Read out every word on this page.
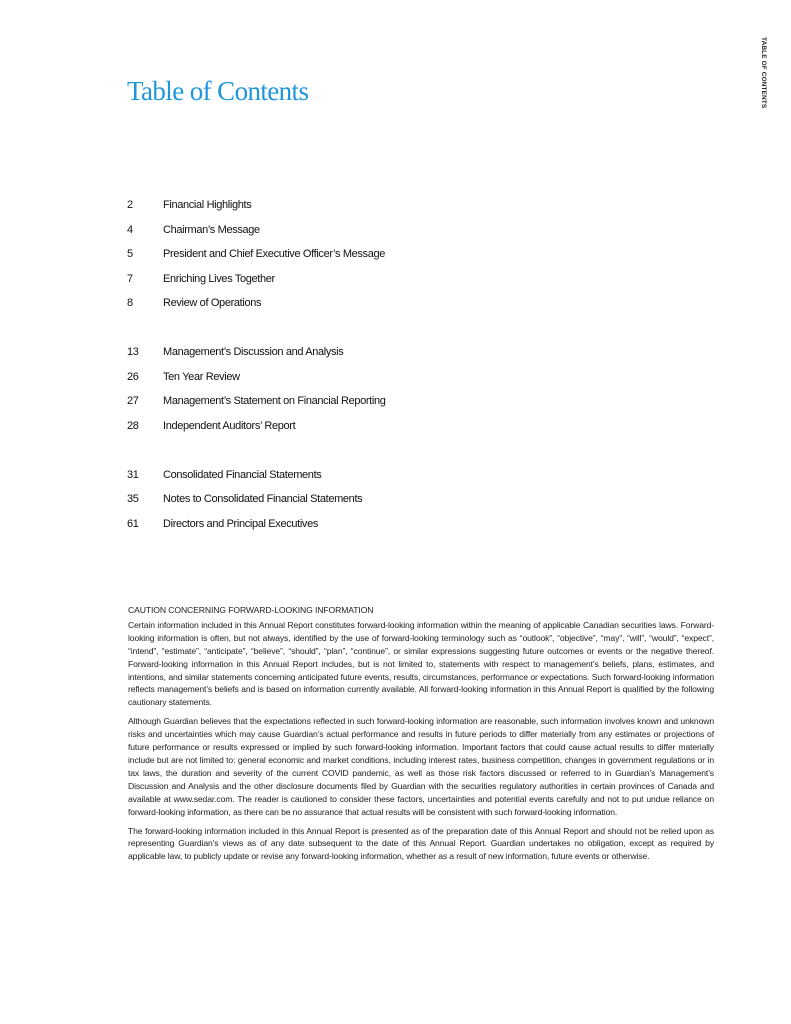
TABLE OF CONTENTS
Table of Contents
2	Financial Highlights
4	Chairman’s Message
5	President and Chief Executive Officer’s Message
7	Enriching Lives Together
8	Review of Operations
13	Management’s Discussion and Analysis
26	Ten Year Review
27	Management’s Statement on Financial Reporting
28	Independent Auditors’ Report
31	Consolidated Financial Statements
35	Notes to Consolidated Financial Statements
61	Directors and Principal Executives
CAUTION CONCERNING FORWARD-LOOKING INFORMATION

Certain information included in this Annual Report constitutes forward-looking information within the meaning of applicable Canadian securities laws. Forward-looking information is often, but not always, identified by the use of forward-looking terminology such as “outlook”, “objective”, “may”, “will”, “would”, “expect”, “intend”, “estimate”, “anticipate”, “believe”, “should”, “plan”, “continue”, or similar expressions suggesting future outcomes or events or the negative thereof. Forward-looking information in this Annual Report includes, but is not limited to, statements with respect to management’s beliefs, plans, estimates, and intentions, and similar statements concerning anticipated future events, results, circumstances, performance or expectations. Such forward-looking information reflects management’s beliefs and is based on information currently available. All forward-looking information in this Annual Report is qualified by the following cautionary statements.

Although Guardian believes that the expectations reflected in such forward-looking information are reasonable, such information involves known and unknown risks and uncertainties which may cause Guardian’s actual performance and results in future periods to differ materially from any estimates or projections of future performance or results expressed or implied by such forward-looking information. Important factors that could cause actual results to differ materially include but are not limited to: general economic and market conditions, including interest rates, business competition, changes in government regulations or in tax laws, the duration and severity of the current COVID pandemic, as well as those risk factors discussed or referred to in Guardian’s Management’s Discussion and Analysis and the other disclosure documents filed by Guardian with the securities regulatory authorities in certain provinces of Canada and available at www.sedar.com. The reader is cautioned to consider these factors, uncertainties and potential events carefully and not to put undue reliance on forward-looking information, as there can be no assurance that actual results will be consistent with such forward-looking information.

The forward-looking information included in this Annual Report is presented as of the preparation date of this Annual Report and should not be relied upon as representing Guardian’s views as of any date subsequent to the date of this Annual Report. Guardian undertakes no obligation, except as required by applicable law, to publicly update or revise any forward-looking information, whether as a result of new information, future events or otherwise.
